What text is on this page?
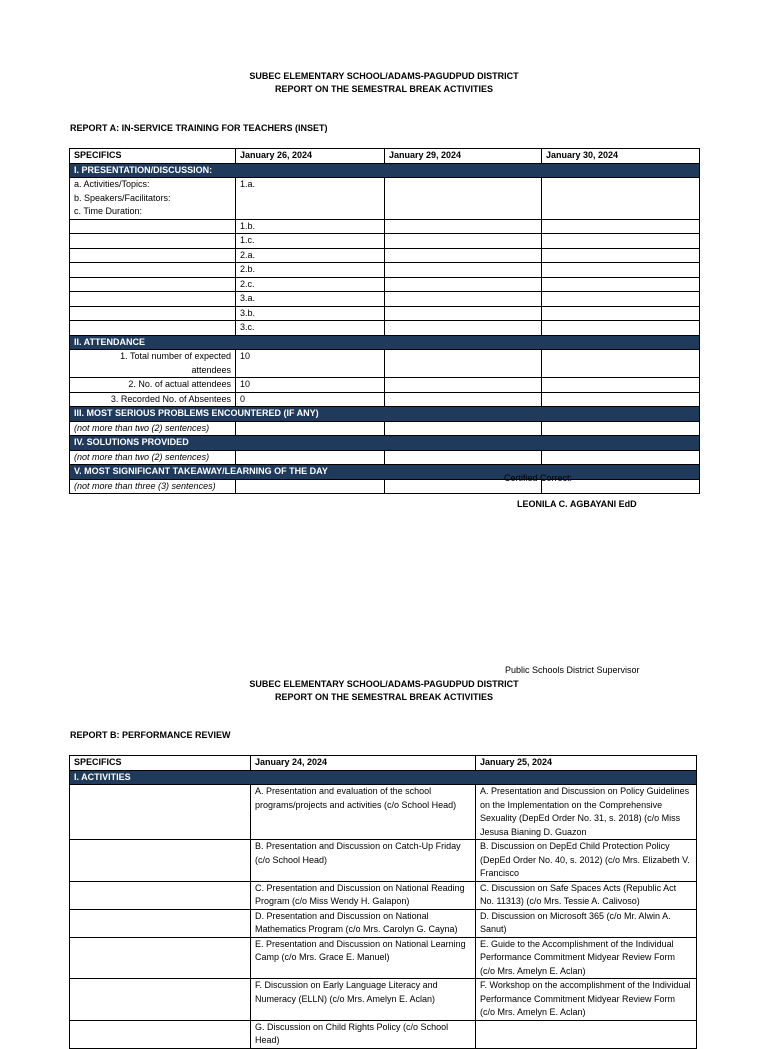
SUBEC ELEMENTARY SCHOOL/ADAMS-PAGUDPUD DISTRICT
REPORT ON THE SEMESTRAL BREAK ACTIVITIES
REPORT A: IN-SERVICE TRAINING FOR TEACHERS (INSET)
SPECIFICS	January 26, 2024	January 29, 2024	January 30, 2024
I. PRESENTATION/DISCUSSION:			

a. Activities/Topics:
b. Speakers/Facilitators:
c. Time Duration:	1.a.		
	1.b.		
	1.c.		
	2.a.		
	2.b.		
	2.c.		
	3.a.		
	3.b.		
	3.c.		
II. ATTENDANCE			
1. Total number of expected attendees	10		
2. No. of actual attendees	10		
3. Recorded No. of Absentees	0		
III. MOST SERIOUS PROBLEMS ENCOUNTERED (IF ANY)			
(not more than two (2) sentences)			
IV. SOLUTIONS PROVIDED			
(not more than two (2) sentences)			
V. MOST SIGNIFICANT TAKEAWAY/LEARNING OF THE DAY			
(not more than three (3) sentences)			
Certified Correct:
LEONILA C. AGBAYANI EdD
Public Schools District Supervisor
SUBEC ELEMENTARY SCHOOL/ADAMS-PAGUDPUD DISTRICT
REPORT ON THE SEMESTRAL BREAK ACTIVITIES
REPORT B: PERFORMANCE REVIEW
SPECIFICS	January 24, 2024	January 25, 2024
I. ACTIVITIES		
	A. Presentation and evaluation of the school programs/projects and activities (c/o School Head)	A. Presentation and Discussion on Policy Guidelines on the Implementation on the Comprehensive Sexuality (DepEd Order No. 31, s. 2018) (c/o Miss Jesusa Bianing D. Guazon
	B. Presentation and Discussion on Catch-Up Friday (c/o School Head)	B. Discussion on DepEd Child Protection Policy (DepEd Order No. 40, s. 2012) (c/o Mrs. Elizabeth V. Francisco
	C. Presentation and Discussion on National Reading Program (c/o Miss Wendy H. Galapon)	C. Discussion on Safe Spaces Acts (Republic Act No. 11313) (c/o Mrs. Tessie A. Calivoso)
	D. Presentation and Discussion on National Mathematics Program (c/o Mrs. Carolyn G. Cayna)	D. Discussion on Microsoft 365 (c/o Mr. Alwin A. Sanut)
	E. Presentation and Discussion on National Learning Camp (c/o Mrs. Grace E. Manuel)	E. Guide to the Accomplishment of the Individual Performance Commitment Midyear Review Form (c/o Mrs. Amelyn E. Aclan)
	F. Discussion on Early Language Literacy and Numeracy (ELLN) (c/o Mrs. Amelyn E. Aclan)	F. Workshop on the accomplishment of the Individual Performance Commitment Midyear Review Form (c/o Mrs. Amelyn E. Aclan)
	G. Discussion on Child Rights Policy (c/o School Head)	
